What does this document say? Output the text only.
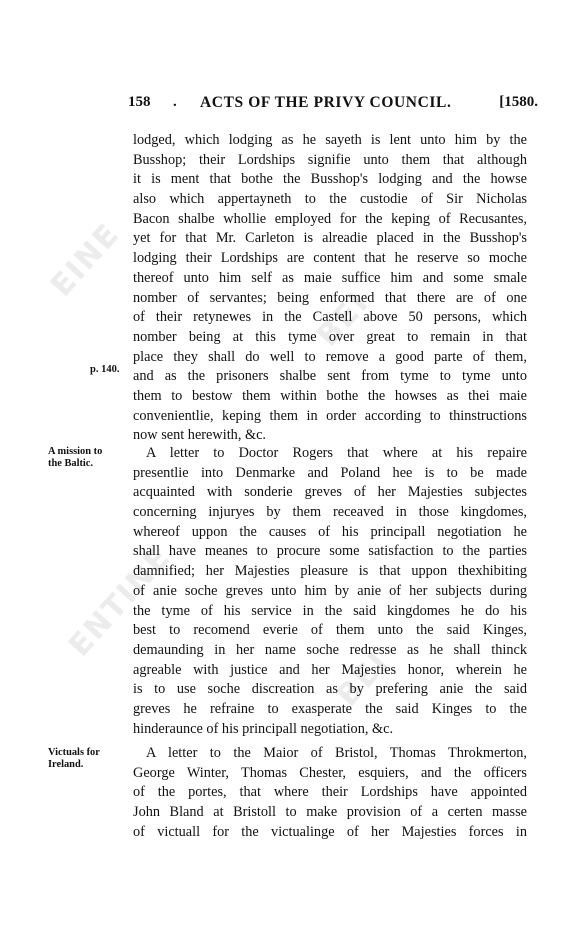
EINE
BEI
ENTINE
BEI
158 . ACTS OF THE PRIVY COUNCIL.	[1580.
lodged, which lodging as he sayeth is lent unto him by the
Busshop; their Lordships signifie unto them that although
it is ment that bothe the Busshop's lodging and the howse
also which appertayneth to the custodie of Sir Nicholas
Bacon shalbe whollie employed for the keping of Recusantes,
yet for that Mr. Carleton is alreadie placed in the Busshop's
lodging their Lordships are content that he reserve so moche
thereof unto him self as maie suffice him and some smale
nomber of servantes; being enformed that there are of one
of their retynewes in the Castell above 50 persons, which
nomber being at this tyme over great to remain in that
place they shall do well to remove a good parte of them,
and as the prisoners shalbe sent from tyme to tyme unto
them to bestow them within bothe the howses as thei maie
convenientlie, keping them in order according to thinstructions
now sent herewith, &c.
p. 140.
A mission to
the Baltic.
A letter to Doctor Rogers that where at his repaire
presentlie into Denmarke and Poland hee is to be made
acquainted with sonderie greves of her Majesties subjectes
concerning injuryes by them receaved in those kingdomes,
whereof uppon the causes of his principall negotiation he
shall have meanes to procure some satisfaction to the parties
damnified; her Majesties pleasure is that uppon thexhibiting
of anie soche greves unto him by anie of her subjects during
the tyme of his service in the said kingdomes he do his
best to recomend everie of them unto the said Kinges,
demaunding in her name soche redresse as he shall thinck
agreable with justice and her Majesties honor, wherein he
is to use soche discreation as by prefering anie the said
greves he refraine to exasperate the said Kinges to the
hinderaunce of his principall negotiation, &c.
Victuals for
Ireland.
A letter to the Maior of Bristol, Thomas Throkmerton,
George Winter, Thomas Chester, esquiers, and the officers
of the portes, that where their Lordships have appointed
John Bland at Bristoll to make provision of a certen masse
of victuall for the victualinge of her Majesties forces in
